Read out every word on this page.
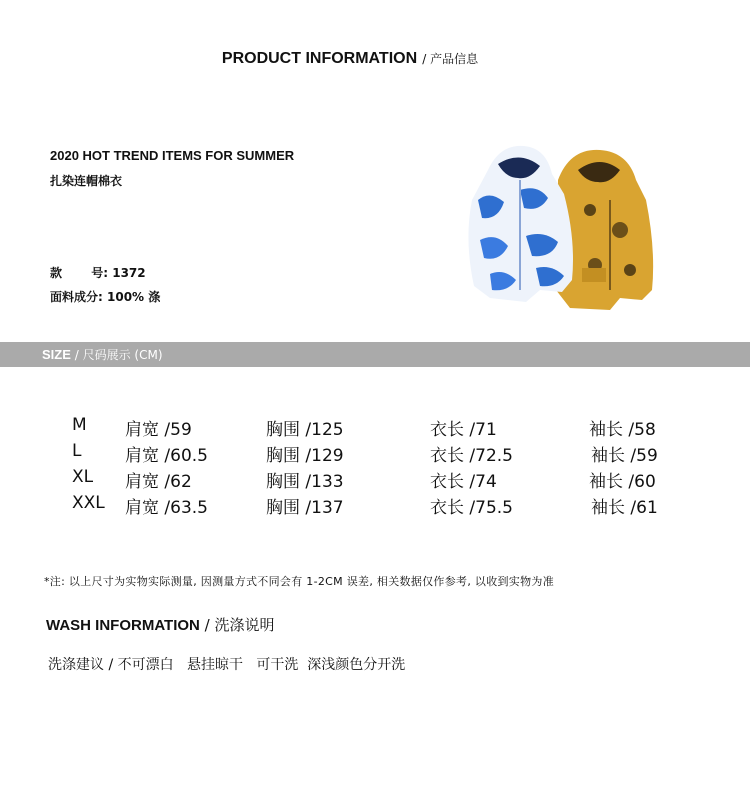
PRODUCT INFORMATION / 产品信息
2020 HOT TREND ITEMS FOR SUMMER
扎染连帽棉衣
款       号: 1372
面料成分: 100% 涤
SIZE / 尺码展示 (CM)
M 肩宽 /59	胸围 /125	衣长 /71	袖长 /58
L	肩宽 /60.5	胸围 /129	衣长 /72.5	袖长 /59
XL 肩宽 /62	胸围 /133	衣长 /74	袖长 /60
XXL 肩宽 /63.5	胸围 /137	衣长 /75.5	袖长 /61
*注: 以上尺寸为实物实际测量, 因测量方式不同会有 1-2CM 误差, 相关数据仅作参考, 以收到实物为准
WASH INFORMATION / 洗涤说明
洗涤建议 / 不可漂白   悬挂晾干   可干洗  深浅颜色分开洗
